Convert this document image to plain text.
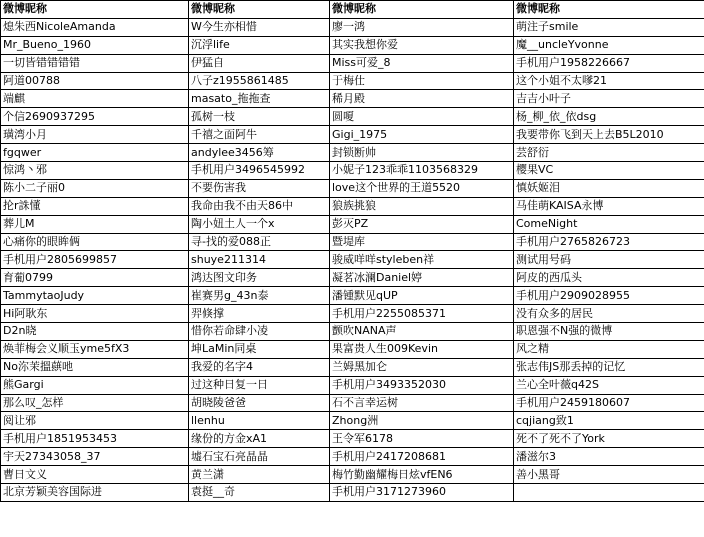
微博昵称	微博昵称	微博昵称	微博昵称
熄朱西NicoleAmanda	W今生亦相惜	廖一鸿	萌注子smile
Mr_Bueno_1960	沉浮life	其实我想你爱	魔__uncleYvonne
一切皆错错错错	伊猛自	Miss可爱_8	手机用户1958226667
阿道00788	八子z1955861485	于梅仕	这个小姐不太嗲21
端麒	masato_拖拖查	稀月殿	吉吉小叶子
个信2690937295	孤树一枝	圆嗄	杨_柳_依_依dsg
璜湾小月	千禧之面阿牛	Gigi_1975	我要带你飞到天上去B5L2010
fgqwer	andylee3456筹	封锁断帅	芸舒衍
惊鸿丶邪	手机用户3496545992	小妮子123乖乖1103568329	樱果VC
陈小二子丽0	不要伤害我	love这个世界的王道5520	慎妖姬泪
抡r誅懂	我命由我不由天86中	狼族挑狼	马佳萌KAISA永博
葬儿M	陶小妞土人一个x	彭灭PZ	ComeNight
心痛你的眼眸俩	寻-找的爱088正	暨堤库	手机用户2765826723
手机用户2805699857	shuye211314	骏威咩咩styleben祥	测试用号码
育葡0799	鸿达图文印务	凝茗冰澜Daniel婷	阿皮的西瓜头
TammytaoJudy	崔赛男g_43n泰	潘锺默见qUP	手机用户2909028955
Hi阿耿东	羿倏撑	手机用户2255085371	没有众多的居民
D2n晓	惜你若命肆小凌	颤吹NANA声	职恩强不N强的微博
焕菲梅会义顺玉yme5fX3	坤LaMin同桌	果富贵人生009Kevin	风之精
No沵茉搵蕻吔	我爱的名字4	兰姆黑加仑	张志伟JS那丢掉的记忆
熊Gargi	过这种日复一日	手机用户3493352030	兰心全叶薇q42S
那么叹_怎样	胡晓陵爸爸	石不言幸运树	手机用户2459180607
阅让邪	llenhu	Zhong洲	cqjiang致1
手机用户1851953453	缘份的方金xA1	王令军6178	死不了死不了York
宇天27343058_37	墟石宝石亮晶晶	手机用户2417208681	潘滋尔3
曹日文义	黄兰潇	梅竹勤幽耀梅日炫vfEN6	善小黑哥
北京芳颖美容国际进	袁挺__奇	手机用户3171273960	
